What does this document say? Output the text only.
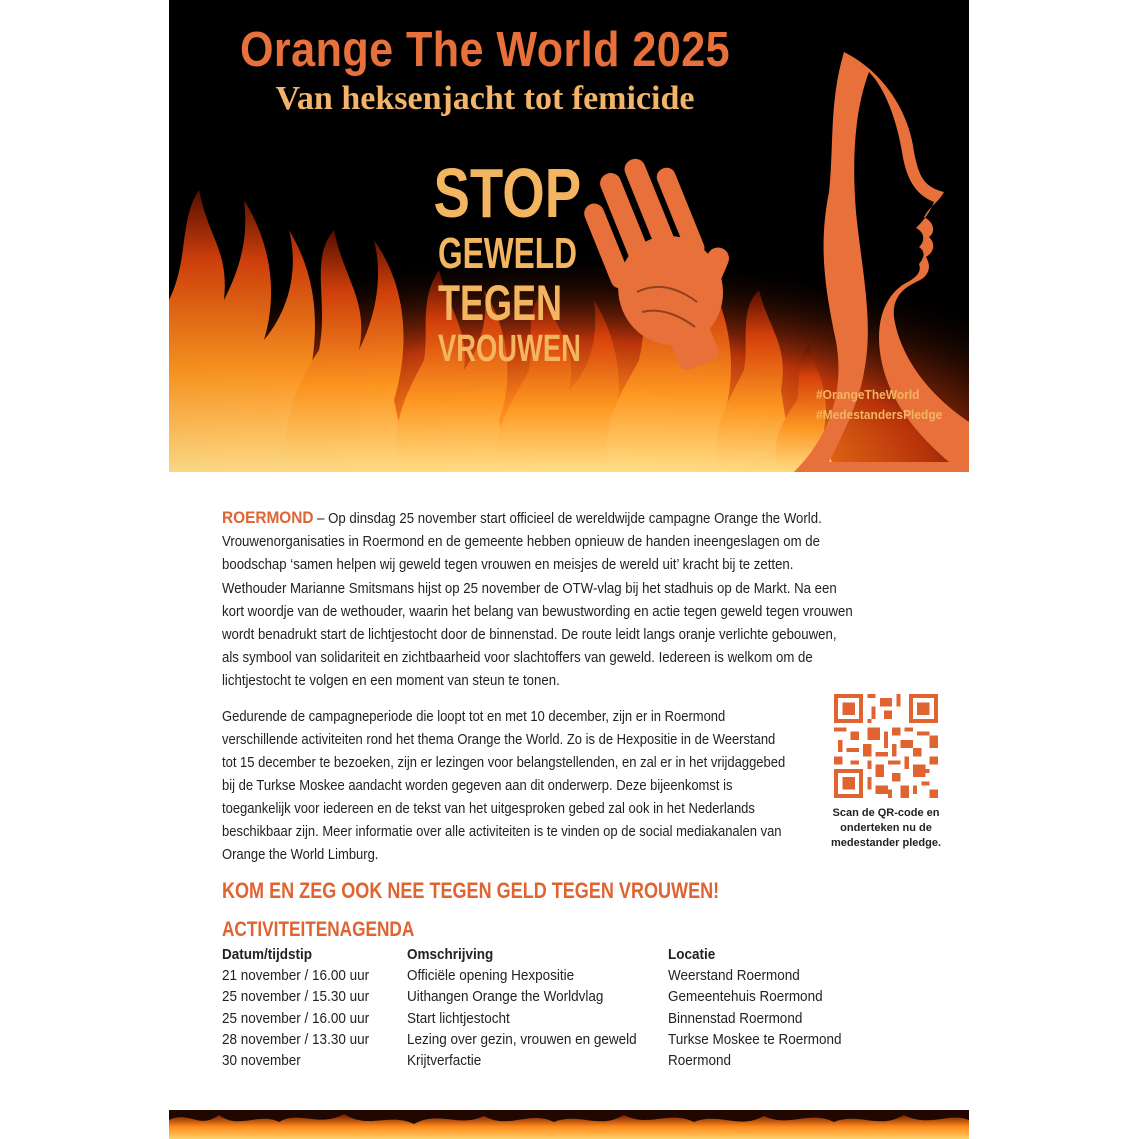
Orange The World 2025
Van heksenjacht tot femicide
STOP
GEWELD
TEGEN
VROUWEN
#OrangeTheWorld
#MedestandersPledge

ROERMOND – Op dinsdag 25 november start officieel de wereldwijde campagne Orange the World. Vrouwenorganisaties in Roermond en de gemeente hebben opnieuw de handen ineengeslagen om de boodschap ‘samen helpen wij geweld tegen vrouwen en meisjes de wereld uit’ kracht bij te zetten. Wethouder Marianne Smitsmans hijst op 25 november de OTW-vlag bij het stadhuis op de Markt. Na een kort woordje van de wethouder, waarin het belang van bewustwording en actie tegen geweld tegen vrouwen wordt benadrukt start de lichtjestocht door de binnenstad. De route leidt langs oranje verlichte gebouwen, als symbool van solidariteit en zichtbaarheid voor slachtoffers van geweld. Iedereen is welkom om de lichtjestocht te volgen en een moment van steun te tonen.

Gedurende de campagneperiode die loopt tot en met 10 december, zijn er in Roermond verschillende activiteiten rond het thema Orange the World. Zo is de Hexpositie in de Weerstand tot 15 december te bezoeken, zijn er lezingen voor belangstellenden, en zal er in het vrijdaggebed bij de Turkse Moskee aandacht worden gegeven aan dit onderwerp. Deze bijeenkomst is toegankelijk voor iedereen en de tekst van het uitgesproken gebed zal ook in het Nederlands beschikbaar zijn. Meer informatie over alle activiteiten is te vinden op de social mediakanalen van Orange the World Limburg.

Scan de QR-code en onderteken nu de medestander pledge.
KOM EN ZEG OOK NEE TEGEN GELD TEGEN VROUWEN!
ACTIVITEITENAGENDA
Datum/tijdstip	Omschrijving	Locatie
21 november / 16.00 uur	Officiële opening Hexpositie	Weerstand Roermond
25 november / 15.30 uur	Uithangen Orange the Worldvlag	Gemeentehuis Roermond
25 november / 16.00 uur	Start lichtjestocht	Binnenstad Roermond
28 november / 13.30 uur	Lezing over gezin, vrouwen en geweld	Turkse Moskee te Roermond
30 november	Krijtverfactie	Roermond
